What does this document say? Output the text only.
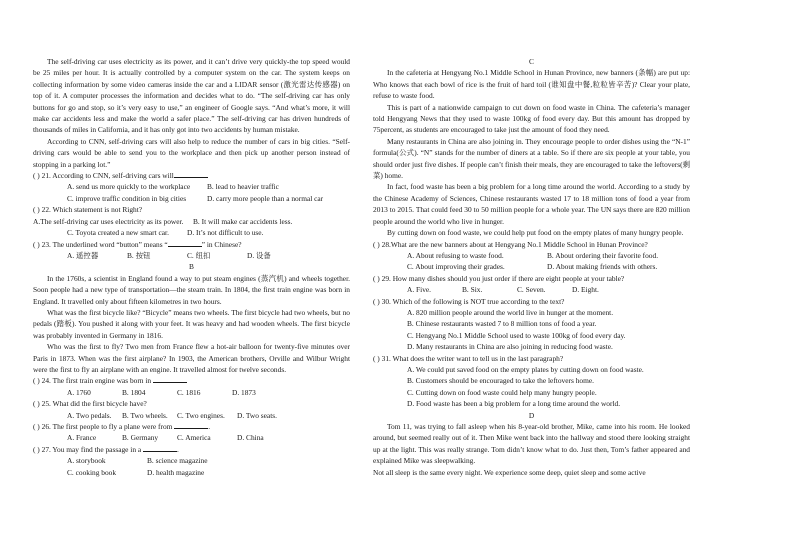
The self-driving car uses electricity as its power, and it can’t drive very quickly-the top speed would be 25 miles per hour. It is actually controlled by a computer system on the car. The system keeps on collecting information by some video cameras inside the car and a LIDAR sensor (激光雷达传感器) on top of it. A computer processes the information and decides what to do. “The self-driving car has only buttons for go and stop, so it’s very easy to use,” an engineer of Google says. “And what’s more, it will make car accidents less and make the world a safer place.” The self-driving car has driven hundreds of thousands of miles in California, and it has only got into two accidents by human mistake.

According to CNN, self-driving cars will also help to reduce the number of cars in big cities. “Self-driving cars would be able to send you to the workplace and then pick up another person instead of stopping in a parking lot.”

( ) 21. According to CNN, self-driving cars will

A. send us more quickly to the workplace	B. lead to heavier traffic
C. improve traffic condition in big cities	D. carry more people than a normal car

( ) 22. Which statement is not Right?

A.The self-driving car uses electricity as its power.	B. It will make car accidents less.
C. Toyota created a new smart car.	D. It’s not difficult to use.

( ) 23. The underlined word “button” means “	” in Chinese?

A. 遥控器	B. 按钮	C. 纽扣	D. 设备

B

In the 1760s, a scientist in England found a way to put steam engines (蒸汽机) and wheels together. Soon people had a new type of transportation—the steam train. In 1804, the first train engine was born in England. It travelled only about fifteen kilometres in two hours.

What was the first bicycle like? “Bicycle” means two wheels. The first bicycle had two wheels, but no pedals (踏板). You pushed it along with your feet. It was heavy and had wooden wheels. The first bicycle was probably invented in Germany in 1816.

Who was the first to fly? Two men from France flew a hot-air balloon for twenty-five minutes over Paris in 1873. When was the first airplane? In 1903, the American brothers, Orville and Wilbur Wright were the first to fly an airplane with an engine. It travelled almost for twelve seconds.

( ) 24. The first train engine was born in

A. 1760	B. 1804	C. 1816	D. 1873

( ) 25. What did the first bicycle have?

A. Two pedals.	B. Two wheels.	C. Two engines.	D. Two seats.

( ) 26. The first people to fly a plane were from	.

A. France	B. Germany	C. America	D. China

( ) 27. You may find the passage in a	.

A. storybook	B. science magazine
C. cooking book	D. health magazine

C

In the cafeteria at Hengyang No.1 Middle School in Hunan Province, new banners (条幅) are put up: Who knows that each bowl of rice is the fruit of hard toil (谁知盘中餐,粒粒皆辛苦)? Clear your plate, refuse to waste food.

This is part of a nationwide campaign to cut down on food waste in China. The cafeteria’s manager told Hengyang News that they used to waste 100kg of food every day. But this amount has dropped by 75percent, as students are encouraged to take just the amount of food they need.

Many restaurants in China are also joining in. They encourage people to order dishes using the “N-1” formula(公式). “N” stands for the number of diners at a table. So if there are six people at your table, you should order just five dishes. If people can’t finish their meals, they are encouraged to take the leftovers(剩菜) home.

In fact, food waste has been a big problem for a long time around the world. According to a study by the Chinese Academy of Sciences, Chinese restaurants wasted 17 to 18 million tons of food a year from 2013 to 2015. That could feed 30 to 50 million people for a whole year. The UN says there are 820 million people around the world who live in hunger.

By cutting down on food waste, we could help put food on the empty plates of many hungry people.

( ) 28.What are the new banners about at Hengyang No.1 Middle School in Hunan Province?

A. About refusing to waste food.	B. About ordering their favorite food.
C. About improving their grades.	D. About making friends with others.

( ) 29. How many dishes should you just order if there are eight people at your table?

A. Five.	B. Six.	C. Seven.	D. Eight.

( ) 30. Which of the following is NOT true according to the text?

A. 820 million people around the world live in hunger at the moment.

B. Chinese restaurants wasted 7 to 8 million tons of food a year.

C. Hengyang No.1 Middle School used to waste 100kg of food every day.

D. Many restaurants in China are also joining in reducing food waste.

( ) 31. What does the writer want to tell us in the last paragraph?

A. We could put saved food on the empty plates by cutting down on food waste.

B. Customers should be encouraged to take the leftovers home.

C. Cutting down on food waste could help many hungry people.

D. Food waste has been a big problem for a long time around the world.

D

Tom 11, was trying to fall asleep when his 8-year-old brother, Mike, came into his room. He looked around, but seemed really out of it. Then Mike went back into the hallway and stood there looking straight up at the light. This was really strange. Tom didn’t know what to do. Just then, Tom’s father appeared and explained Mike was sleepwalking.

Not all sleep is the same every night. We experience some deep, quiet sleep and some active
